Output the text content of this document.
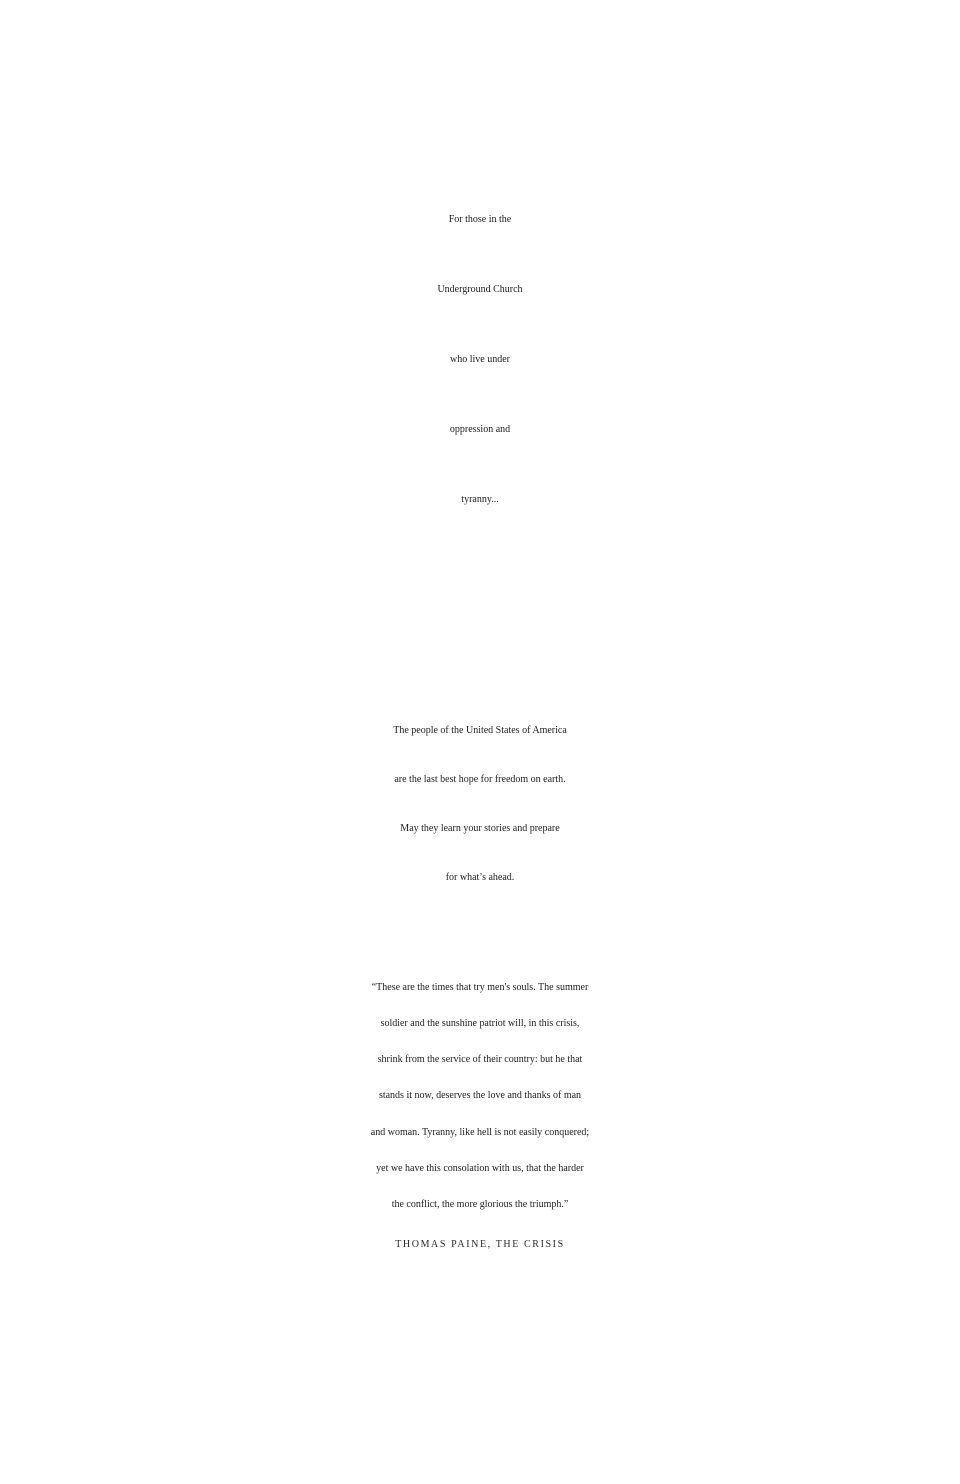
For those in the

Underground Church

who live under

oppression and

tyranny...

The people of the United States of America

are the last best hope for freedom on earth.

May they learn your stories and prepare

for what’s ahead.

“These are the times that try men's souls. The summer

soldier and the sunshine patriot will, in this crisis,

shrink from the service of their country: but he that

stands it now, deserves the love and thanks of man

and woman. Tyranny, like hell is not easily conquered;

yet we have this consolation with us, that the harder

the conflict, the more glorious the triumph.”

THOMAS PAINE, THE CRISIS
